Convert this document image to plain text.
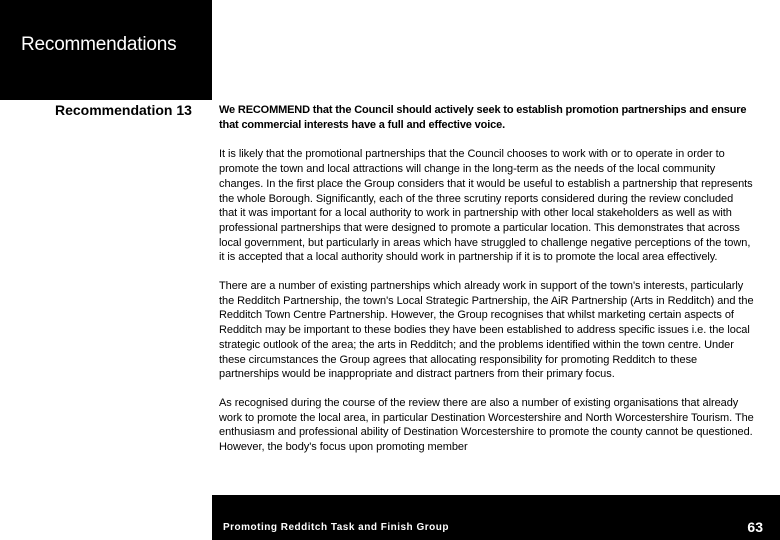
Recommendations
Recommendation 13 We RECOMMEND that the Council should actively seek to establish promotion partnerships and ensure that commercial interests have a full and effective voice.

It is likely that the promotional partnerships that the Council chooses to work with or to operate in order to promote the town and local attractions will change in the long-term as the needs of the local community changes. In the first place the Group considers that it would be useful to establish a partnership that represents the whole Borough. Significantly, each of the three scrutiny reports considered during the review concluded that it was important for a local authority to work in partnership with other local stakeholders as well as with professional partnerships that were designed to promote a particular location. This demonstrates that across local government, but particularly in areas which have struggled to challenge negative perceptions of the town, it is accepted that a local authority should work in partnership if it is to promote the local area effectively.

There are a number of existing partnerships which already work in support of the town's interests, particularly the Redditch Partnership, the town's Local Strategic Partnership, the AiR Partnership (Arts in Redditch) and the Redditch Town Centre Partnership. However, the Group recognises that whilst marketing certain aspects of Redditch may be important to these bodies they have been established to address specific issues i.e. the local strategic outlook of the area; the arts in Redditch; and the problems identified within the town centre. Under these circumstances the Group agrees that allocating responsibility for promoting Redditch to these partnerships would be inappropriate and distract partners from their primary focus.

As recognised during the course of the review there are also a number of existing organisations that already work to promote the local area, in particular Destination Worcestershire and North Worcestershire Tourism. The enthusiasm and professional ability of Destination Worcestershire to promote the county cannot be questioned. However, the body's focus upon promoting member

Promoting Redditch Task and Finish Group	63
